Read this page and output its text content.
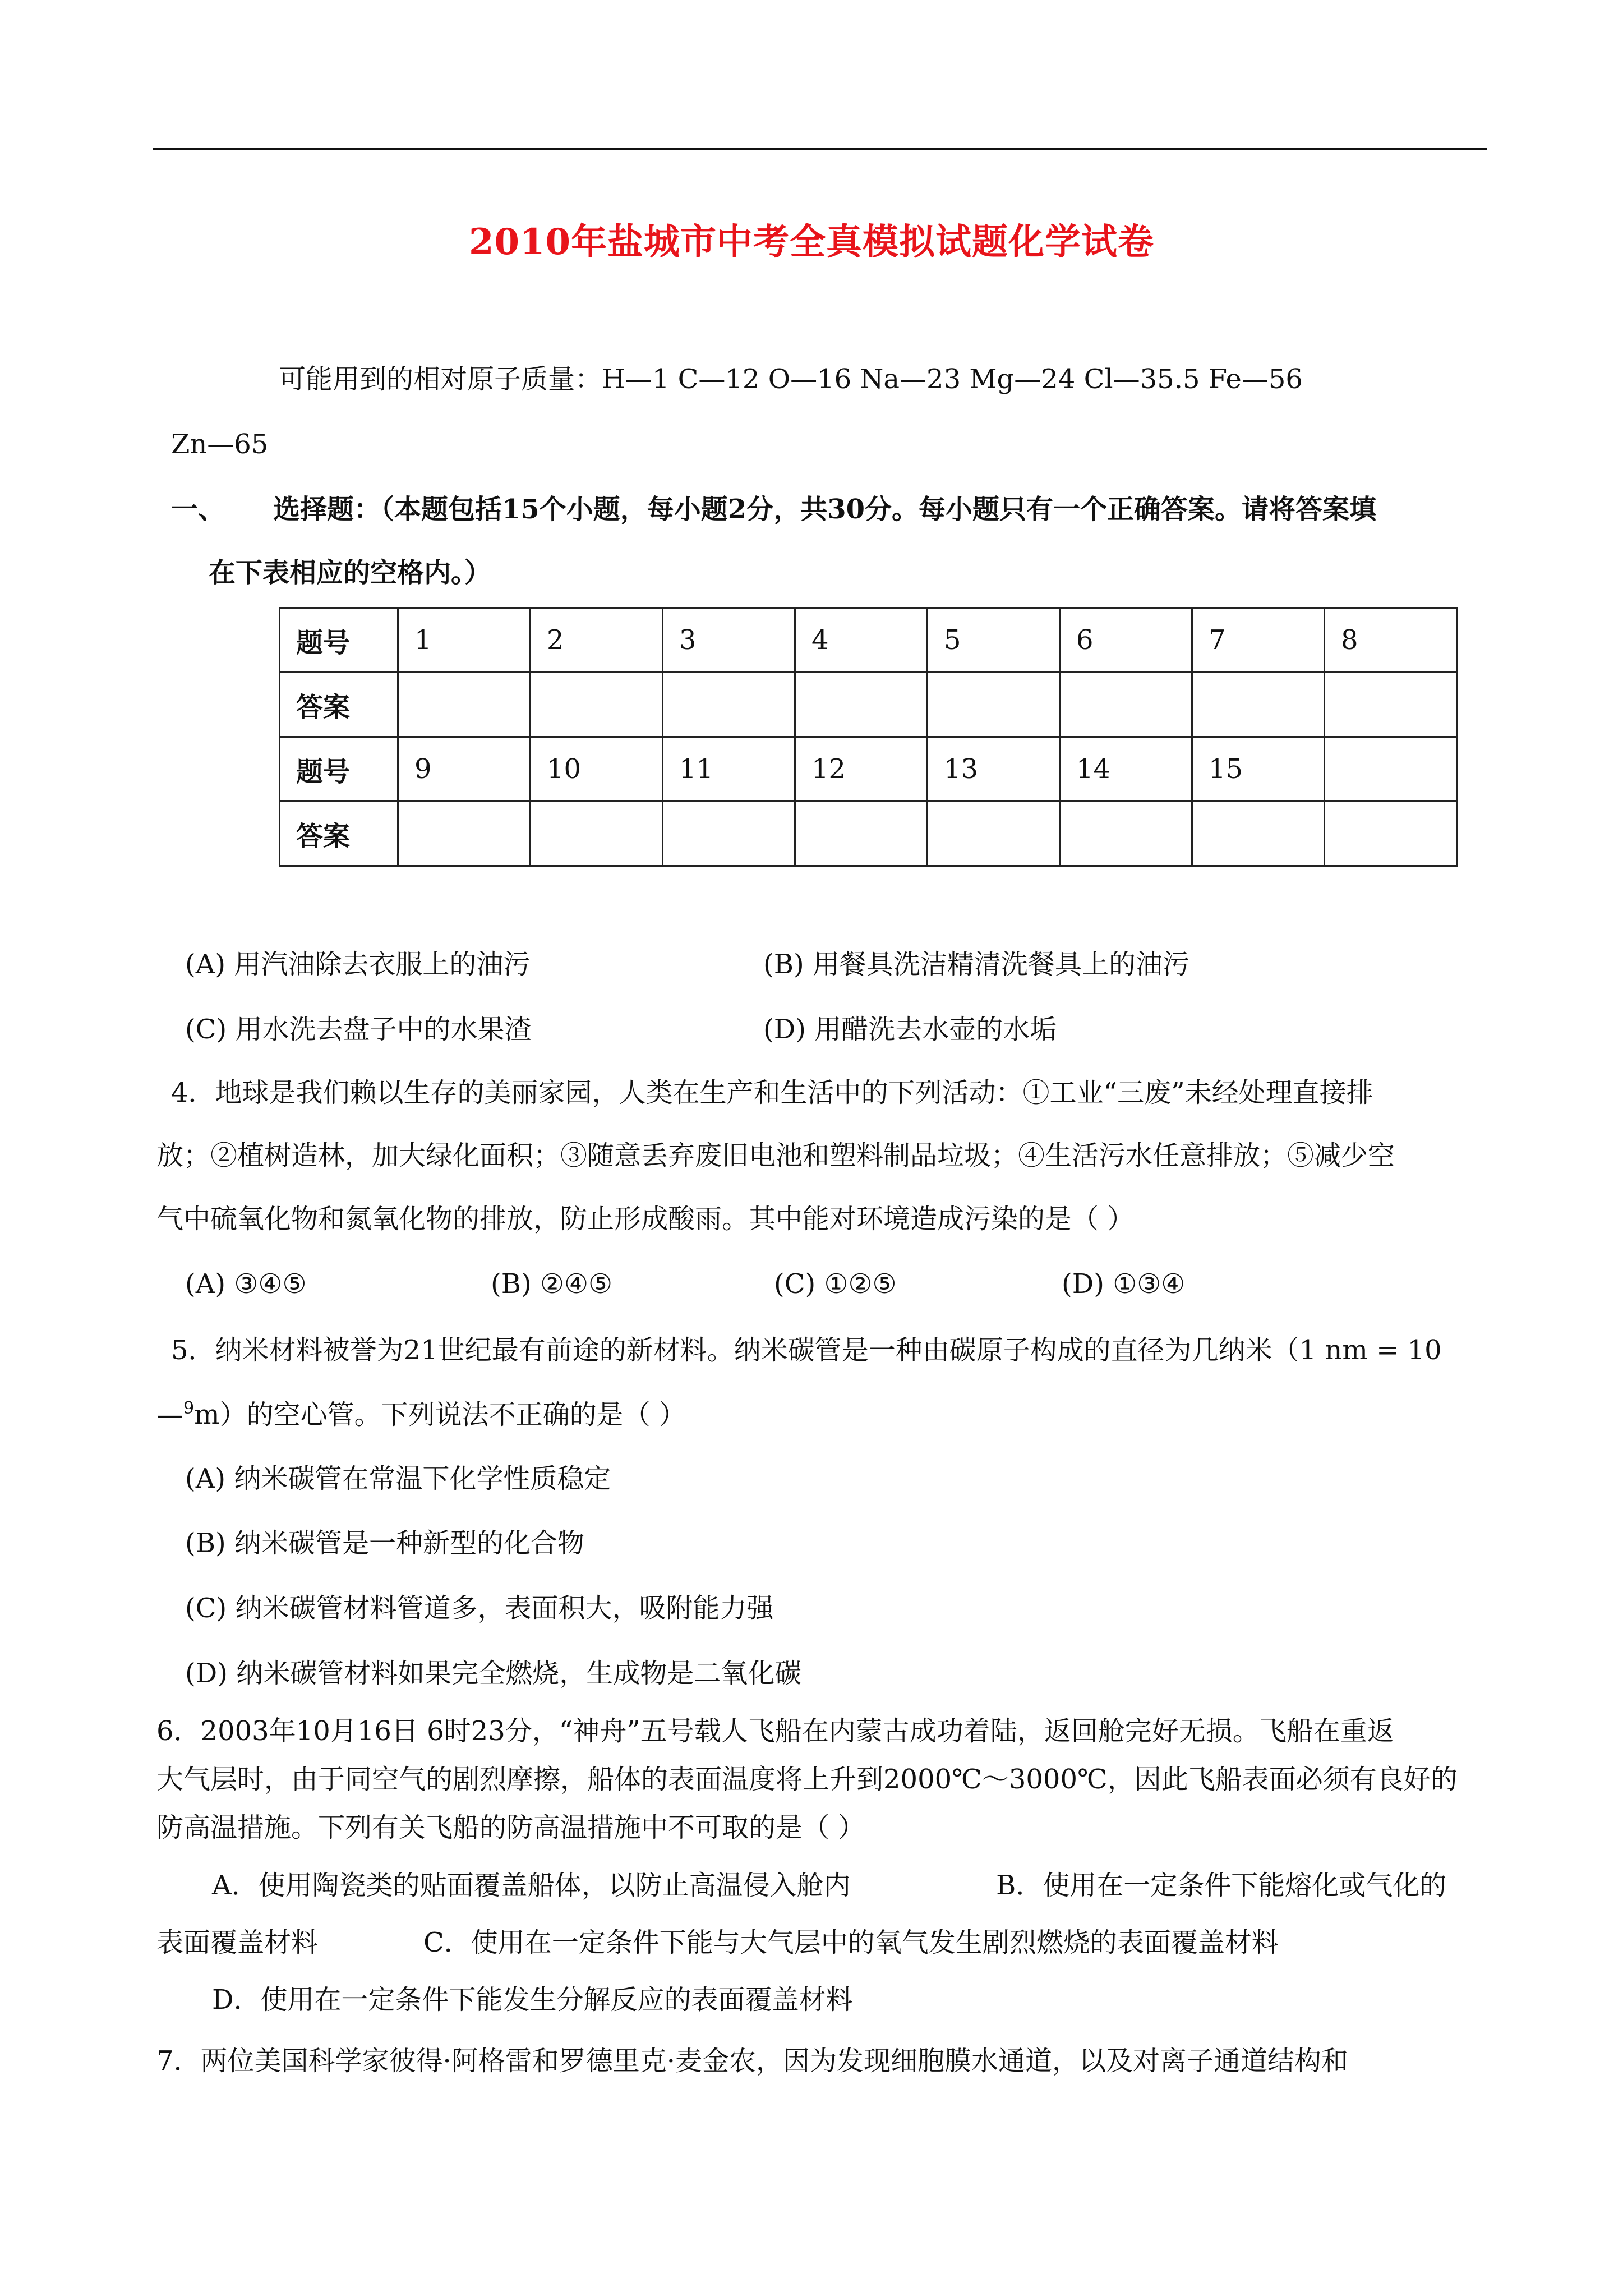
2010年盐城市中考全真模拟试题化学试卷
可能用到的相对原子质量：H—1 C—12 O—16 Na—23 Mg—24 Cl—35.5 Fe—56
Zn—65
一、 选择题：（本题包括15个小题，每小题2分，共30分。每小题只有一个正确答案。请将答案填
在下表相应的空格内。）
题号	1	2	3	4	5	6	7	8
答案								
题号	9	10	11	12	13	14	15	
答案								
(A) 用汽油除去衣服上的油污	(B) 用餐具洗洁精清洗餐具上的油污
(C) 用水洗去盘子中的水果渣	(D) 用醋洗去水壶的水垢
4．地球是我们赖以生存的美丽家园，人类在生产和生活中的下列活动：①工业“三废”未经处理直接排
放；②植树造林，加大绿化面积；③随意丢弃废旧电池和塑料制品垃圾；④生活污水任意排放；⑤减少空
气中硫氧化物和氮氧化物的排放，防止形成酸雨。其中能对环境造成污染的是（ ）
(A) ③④⑤	(B) ②④⑤	(C) ①②⑤	(D) ①③④
5．纳米材料被誉为21世纪最有前途的新材料。纳米碳管是一种由碳原子构成的直径为几纳米（1 nm = 10
—$^9$m）的空心管。下列说法不正确的是（ ）
(A) 纳米碳管在常温下化学性质稳定
(B) 纳米碳管是一种新型的化合物
(C) 纳米碳管材料管道多，表面积大，吸附能力强
(D) 纳米碳管材料如果完全燃烧，生成物是二氧化碳
6．2003年10月16日 6时23分，“神舟”五号载人飞船在内蒙古成功着陆，返回舱完好无损。飞船在重返
大气层时，由于同空气的剧烈摩擦，船体的表面温度将上升到2000℃～3000℃，因此飞船表面必须有良好的
防高温措施。下列有关飞船的防高温措施中不可取的是（ ）
A．使用陶瓷类的贴面覆盖船体，以防止高温侵入舱内	B．使用在一定条件下能熔化或气化的
表面覆盖材料	C．使用在一定条件下能与大气层中的氧气发生剧烈燃烧的表面覆盖材料
D．使用在一定条件下能发生分解反应的表面覆盖材料
7．两位美国科学家彼得·阿格雷和罗德里克·麦金农，因为发现细胞膜水通道，以及对离子通道结构和
